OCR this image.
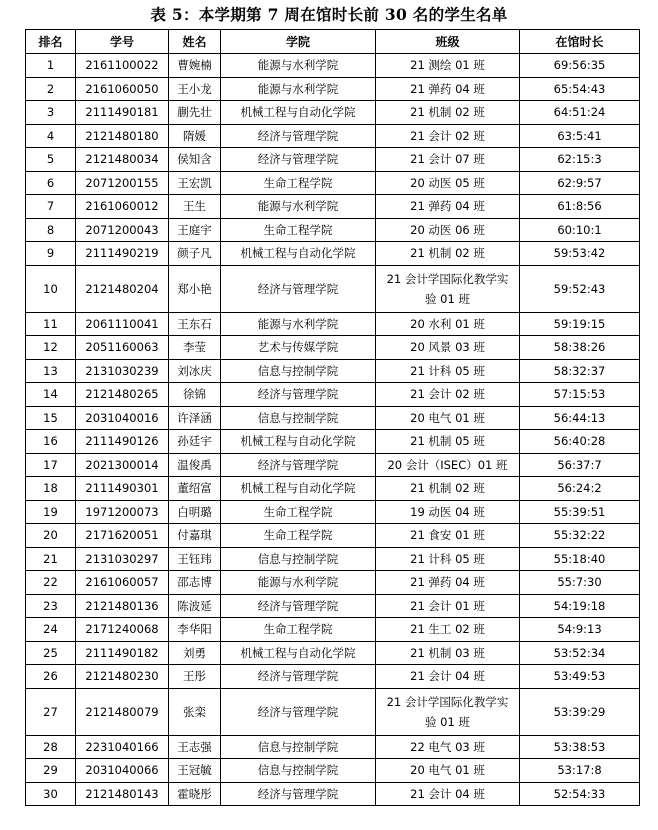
表 5：本学期第 7 周在馆时长前 30 名的学生名单
排名	学号	姓名	学院	班级	在馆时长
1	2161100022	曹婉楠	能源与水利学院	21 测绘 01 班	69:56:35
2	2161060050	王小龙	能源与水利学院	21 弹药 04 班	65:54:43
3	2111490181	蒯先壮	机械工程与自动化学院	21 机制 02 班	64:51:24
4	2121480180	隋媛	经济与管理学院	21 会计 02 班	63:5:41
5	2121480034	侯知含	经济与管理学院	21 会计 07 班	62:15:3
6	2071200155	王宏凯	生命工程学院	20 动医 05 班	62:9:57
7	2161060012	王生	能源与水利学院	21 弹药 04 班	61:8:56
8	2071200043	王庭宇	生命工程学院	20 动医 06 班	60:10:1
9	2111490219	颜子凡	机械工程与自动化学院	21 机制 02 班	59:53:42
10	2121480204	郑小艳	经济与管理学院	21 会计学国际化教学实验 01 班	59:52:43
11	2061110041	王东石	能源与水利学院	20 水利 01 班	59:19:15
12	2051160063	李莹	艺术与传媒学院	20 风景 03 班	58:38:26
13	2131030239	刘冰庆	信息与控制学院	21 计科 05 班	58:32:37
14	2121480265	徐锦	经济与管理学院	21 会计 02 班	57:15:53
15	2031040016	许泽涵	信息与控制学院	20 电气 01 班	56:44:13
16	2111490126	孙廷宇	机械工程与自动化学院	21 机制 05 班	56:40:28
17	2021300014	温俊禹	经济与管理学院	20 会计（ISEC）01 班	56:37:7
18	2111490301	董绍富	机械工程与自动化学院	21 机制 02 班	56:24:2
19	1971200073	白明璐	生命工程学院	19 动医 04 班	55:39:51
20	2171620051	付嘉琪	生命工程学院	21 食安 01 班	55:32:22
21	2131030297	王钰玮	信息与控制学院	21 计科 05 班	55:18:40
22	2161060057	邵志博	能源与水利学院	21 弹药 04 班	55:7:30
23	2121480136	陈波延	经济与管理学院	21 会计 01 班	54:19:18
24	2171240068	李华阳	生命工程学院	21 生工 02 班	54:9:13
25	2111490182	刘勇	机械工程与自动化学院	21 机制 03 班	53:52:34
26	2121480230	王彤	经济与管理学院	21 会计 04 班	53:49:53
27	2121480079	张栾	经济与管理学院	21 会计学国际化教学实验 01 班	53:39:29
28	2231040166	王志强	信息与控制学院	22 电气 03 班	53:38:53
29	2031040066	王冠毓	信息与控制学院	20 电气 01 班	53:17:8
30	2121480143	霍晓彤	经济与管理学院	21 会计 04 班	52:54:33
